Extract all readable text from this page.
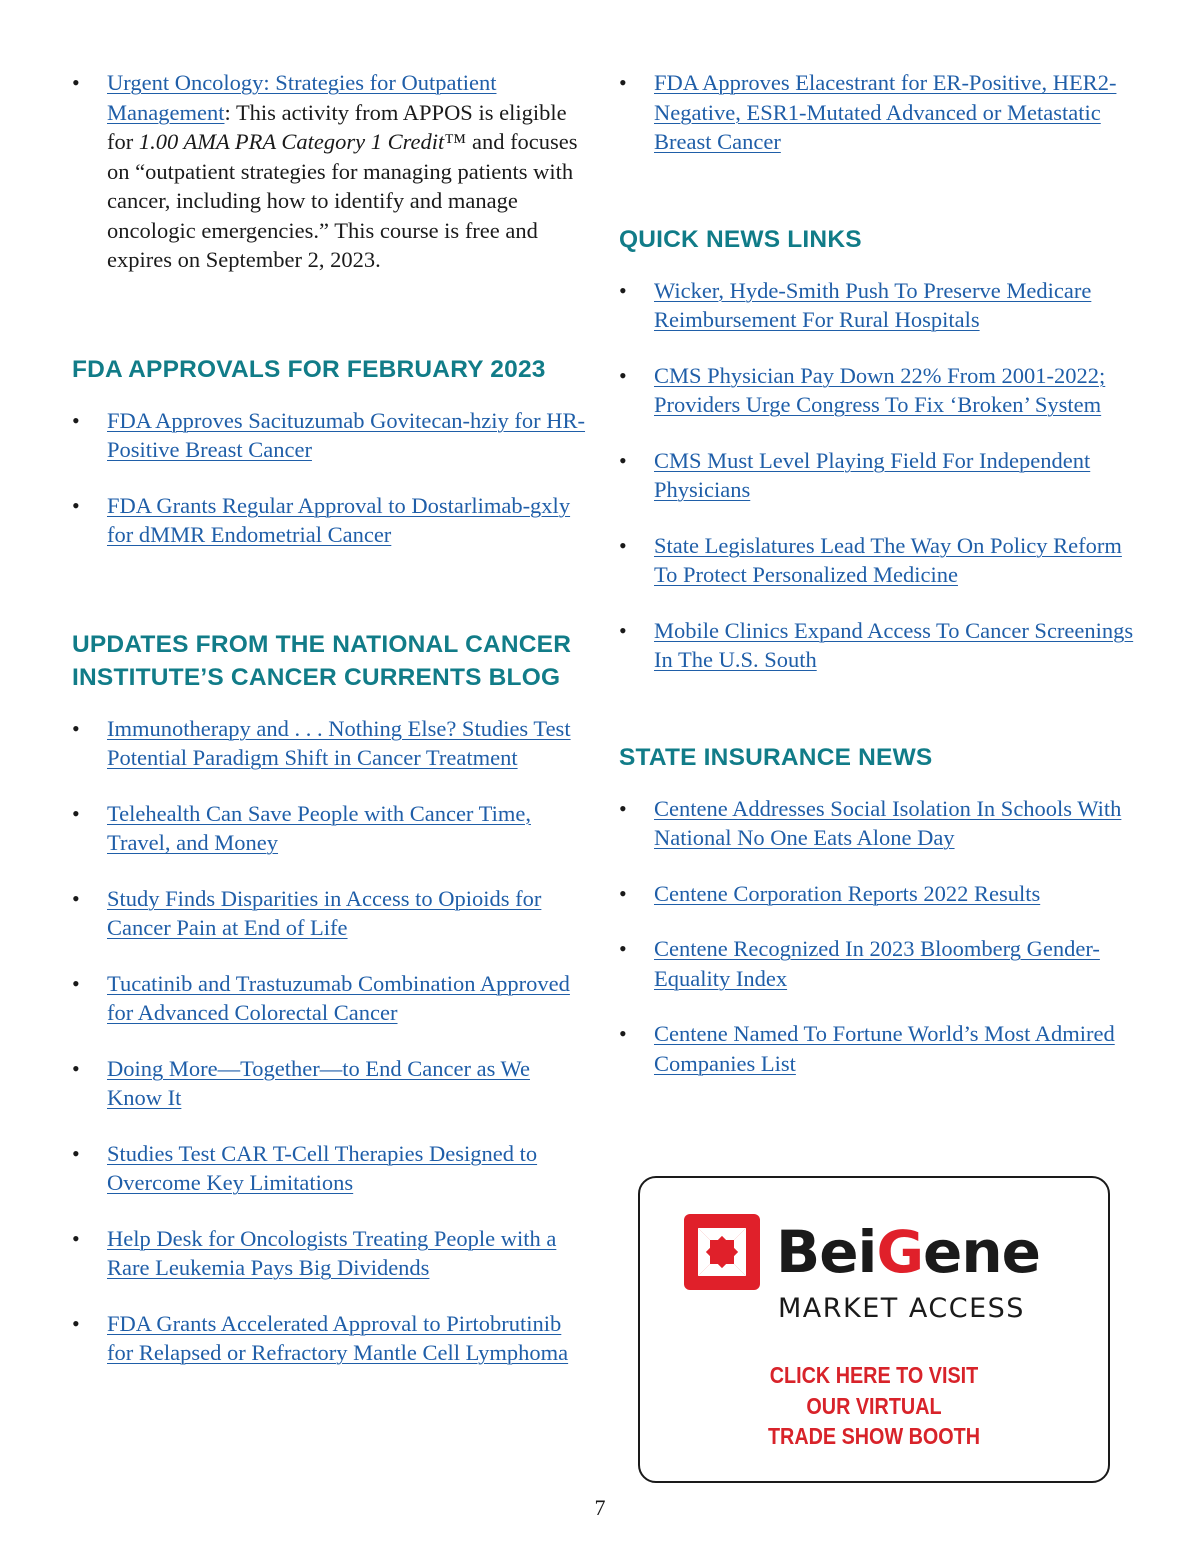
• Urgent Oncology: Strategies for Outpatient Management: This activity from APPOS is eligible for 1.00 AMA PRA Category 1 Credit™ and focuses on “outpatient strategies for managing patients with cancer, including how to identify and manage oncologic emergencies.” This course is free and expires on September 2, 2023.
FDA APPROVALS FOR FEBRUARY 2023
• FDA Approves Sacituzumab Govitecan-hziy for HR-Positive Breast Cancer
• FDA Grants Regular Approval to Dostarlimab-gxly for dMMR Endometrial Cancer
UPDATES FROM THE NATIONAL CANCER INSTITUTE’S CANCER CURRENTS BLOG
• Immunotherapy and . . . Nothing Else? Studies Test Potential Paradigm Shift in Cancer Treatment
• Telehealth Can Save People with Cancer Time, Travel, and Money
• Study Finds Disparities in Access to Opioids for Cancer Pain at End of Life
• Tucatinib and Trastuzumab Combination Approved for Advanced Colorectal Cancer
• Doing More—Together—to End Cancer as We Know It
• Studies Test CAR T-Cell Therapies Designed to Overcome Key Limitations
• Help Desk for Oncologists Treating People with a Rare Leukemia Pays Big Dividends
• FDA Grants Accelerated Approval to Pirtobrutinib for Relapsed or Refractory Mantle Cell Lymphoma
• FDA Approves Elacestrant for ER-Positive, HER2-Negative, ESR1-Mutated Advanced or Metastatic Breast Cancer
QUICK NEWS LINKS
• Wicker, Hyde-Smith Push To Preserve Medicare Reimbursement For Rural Hospitals
• CMS Physician Pay Down 22% From 2001-2022; Providers Urge Congress To Fix ‘Broken’ System
• CMS Must Level Playing Field For Independent Physicians
• State Legislatures Lead The Way On Policy Reform To Protect Personalized Medicine
• Mobile Clinics Expand Access To Cancer Screenings In The U.S. South
STATE INSURANCE NEWS
• Centene Addresses Social Isolation In Schools With National No One Eats Alone Day
• Centene Corporation Reports 2022 Results
• Centene Recognized In 2023 Bloomberg Gender-Equality Index
• Centene Named To Fortune World’s Most Admired Companies List
BeiGene
MARKET ACCESS
CLICK HERE TO VISIT
OUR VIRTUAL
TRADE SHOW BOOTH
7
